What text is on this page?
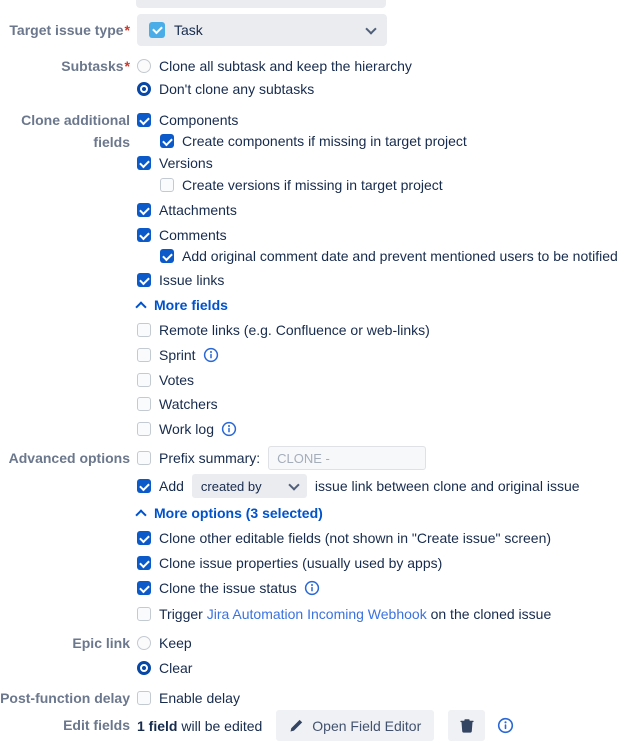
Target issue type*	Task
Subtasks* Clone all subtask and keep the hierarchy
Don't clone any subtasks
Clone additional fields
Components
Create components if missing in target project
Versions
Create versions if missing in target project
Attachments
Comments
Add original comment date and prevent mentioned users to be notified
Issue links
More fields
Remote links (e.g. Confluence or web-links)
Sprint
Votes
Watchers
Work log
Advanced options Prefix summary:
CLONE -
Add created by	issue link between clone and original issue
More options (3 selected)
Clone other editable fields (not shown in "Create issue" screen)
Clone issue properties (usually used by apps)
Clone the issue status
Trigger Jira Automation Incoming Webhook on the cloned issue
Epic link Keep
Clear
Post-function delay Enable delay
Edit fields 1 field will be edited	Open Field Editor
